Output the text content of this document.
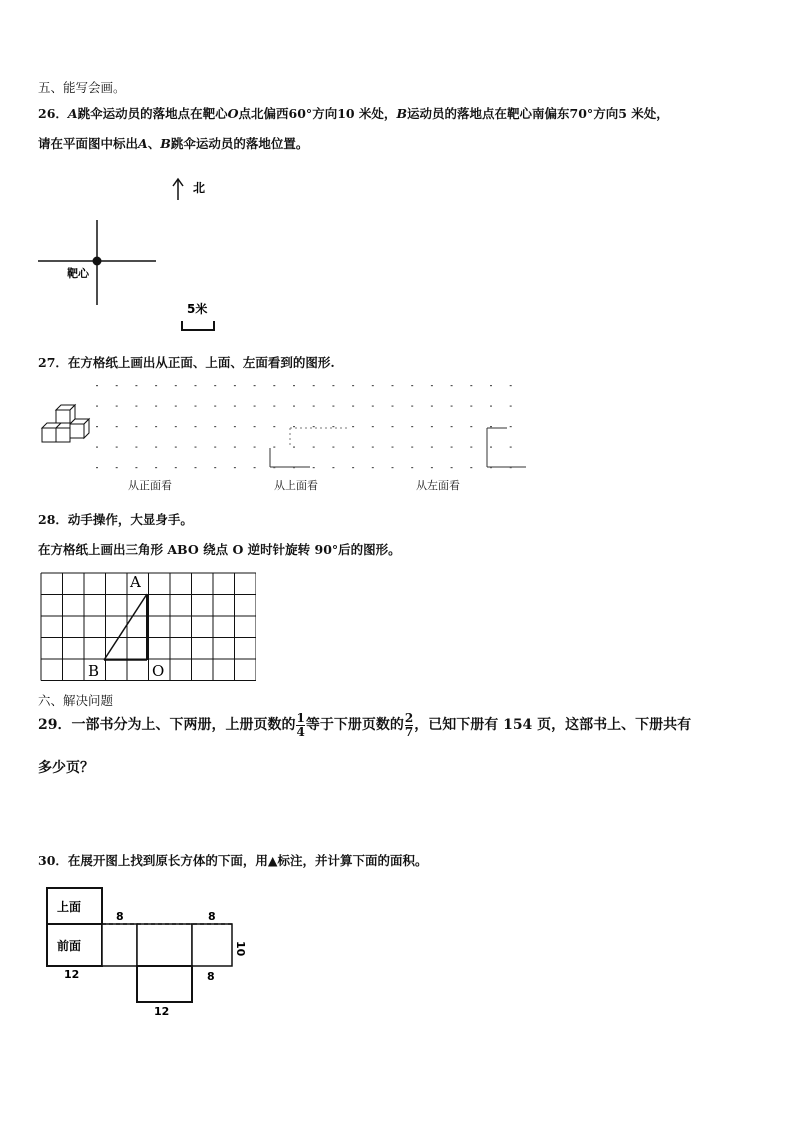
五、能写会画。
26．A跳伞运动员的落地点在靶心O点北偏西60°方向10 米处，B运动员的落地点在靶心南偏东70°方向5 米处，
请在平面图中标出A、B跳伞运动员的落地位置。
北
靶心
5米
27．在方格纸上画出从正面、上面、左面看到的图形.
从正面看	从上面看	从左面看
28．动手操作，大显身手。
在方格纸上画出三角形 ABO 绕点 O 逆时针旋转 90°后的图形。
A
B	O
六、解决问题
29．一部书分为上、下两册，上册页数的 $\frac{1}{4}$ 等于下册页数的 $\frac{2}{7}$ ，已知下册有 154 页，这部书上、下册共有
多少页？
30．在展开图上找到原长方体的下面，用▲标注，并计算下面的面积。
上面
前面
8	8
10
12	8
12
